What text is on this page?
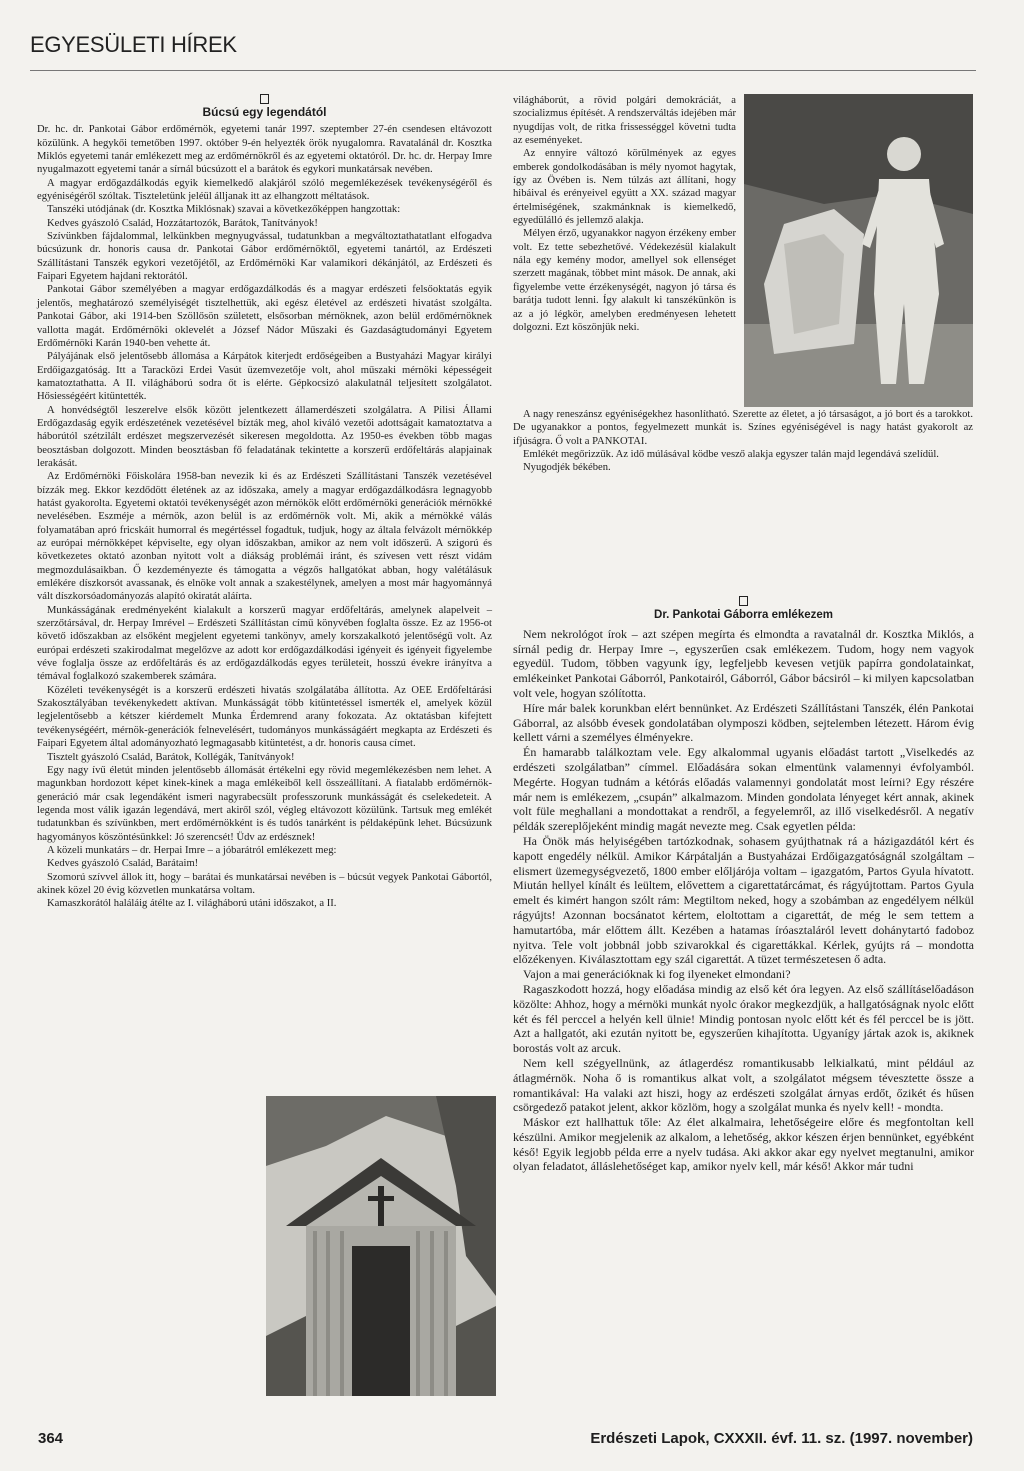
EGYESÜLETI HÍREK
Búcsú egy legendától

Dr. hc. dr. Pankotai Gábor erdőmérnök, egyetemi tanár 1997. szeptember 27-én csendesen eltávozott közülünk. A hegykői temetőben 1997. október 9-én helyezték örök nyugalomra. Ravatalánál dr. Kosztka Miklós egyetemi tanár emlékezett meg az erdőmérnökről és az egyetemi oktatóról. Dr. hc. dr. Herpay Imre nyugalmazott egyetemi tanár a sírnál búcsúzott el a barátok és egykori munkatársak nevében.

A magyar erdőgazdálkodás egyik kiemelkedő alakjáról szóló megemlékezések tevékenységéről és egyéniségéről szóltak. Tiszteletünk jeléül álljanak itt az elhangzott méltatások.

Tanszéki utódjának (dr. Kosztka Miklósnak) szavai a következőképpen hangzottak:

Kedves gyászoló Család, Hozzátartozók, Barátok, Tanítványok!

Szívünkben fájdalommal, lelkünkben megnyugvással, tudatunkban a megváltoztathatatlant elfogadva búcsúzunk dr. honoris causa dr. Pankotai Gábor erdőmérnöktől, egyetemi tanártól, az Erdészeti Szállítástani Tanszék egykori vezetőjétől, az Erdőmérnöki Kar valamikori dékánjától, az Erdészeti és Faipari Egyetem hajdani rektorától.

Pankotai Gábor személyében a magyar erdőgazdálkodás és a magyar erdészeti felsőoktatás egyik jelentős, meghatározó személyiségét tisztelhettük, aki egész életével az erdészeti hivatást szolgálta. Pankotai Gábor, aki 1914-ben Szöllősön született, elsősorban mérnöknek, azon belül erdőmérnöknek vallotta magát. Erdőmérnöki oklevelét a József Nádor Műszaki és Gazdaságtudományi Egyetem Erdőmérnöki Karán 1940-ben vehette át.

Pályájának első jelentősebb állomása a Kárpátok kiterjedt erdőségeiben a Bustyaházi Magyar királyi Erdőigazgatóság. Itt a Taracközi Erdei Vasút üzemvezetője volt, ahol műszaki mérnöki képességeit kamatoztathatta. A II. világháború sodra őt is elérte. Gépkocsizó alakulatnál teljesített szolgálatot. Hősiességéért kitüntették.

A honvédségtől leszerelve elsők között jelentkezett államerdészeti szolgálatra. A Pilisi Állami Erdőgazdaság egyik erdészetének vezetésével bízták meg, ahol kiváló vezetői adottságait kamatoztatva a háborútól szétzilált erdészet megszervezését sikeresen megoldotta. Az 1950-es években több magas beosztásban dolgozott. Minden beosztásban fő feladatának tekintette a korszerű erdőfeltárás alapjainak lerakását.

Az Erdőmérnöki Főiskolára 1958-ban nevezik ki és az Erdészeti Szállítástani Tanszék vezetésével bízzák meg. Ekkor kezdődött életének az az időszaka, amely a magyar erdőgazdálkodásra legnagyobb hatást gyakorolta. Egyetemi oktatói tevékenységét azon mérnökök előtt erdőmérnöki generációk mérnökké nevelésében. Eszméje a mérnök, azon belül is az erdőmérnök volt. Mi, akik a mérnökké válás folyamatában apró fricskáit humorral és megértéssel fogadtuk, tudjuk, hogy az általa felvázolt mérnökkép az európai mérnökképet képviselte, egy olyan időszakban, amikor az nem volt időszerű. A szigorú és következetes oktató azonban nyitott volt a diákság problémái iránt, és szívesen vett részt vidám megmozdulásaikban. Ő kezdeményezte és támogatta a végzős hallgatókat abban, hogy valétálásuk emlékére díszkorsót avassanak, és elnöke volt annak a szakestélynek, amelyen a most már hagyománnyá vált díszkorsóadományozás alapító okiratát aláírta.

Munkásságának eredményeként kialakult a korszerű magyar erdőfeltárás, amelynek alapelveit – szerzőtársával, dr. Herpay Imrével – Erdészeti Szállítástan című könyvében foglalta össze. Ez az 1956-ot követő időszakban az elsőként megjelent egyetemi tankönyv, amely korszakalkotó jelentőségű volt. Az európai erdészeti szakirodalmat megelőzve az adott kor erdőgazdálkodási igényeit és igényeit figyelembe véve foglalja össze az erdőfeltárás és az erdőgazdálkodás egyes területeit, hosszú évekre irányítva a témával foglalkozó szakemberek számára.

Közéleti tevékenységét is a korszerű erdészeti hivatás szolgálatába állította. Az OEE Erdőfeltárási Szakosztályában tevékenykedett aktívan. Munkásságát több kitüntetéssel ismerték el, amelyek közül legjelentősebb a kétszer kiérdemelt Munka Érdemrend arany fokozata. Az oktatásban kifejtett tevékenységéért, mérnök-generációk felnevelésért, tudományos munkásságáért megkapta az Erdészeti és Faipari Egyetem által adományozható legmagasabb kitüntetést, a dr. honoris causa címet.

Tisztelt gyászoló Család, Barátok, Kollégák, Tanítványok!

Egy nagy ívű életút minden jelentősebb állomását értékelni egy rövid megemlékezésben nem lehet. A magunkban hordozott képet kinek-kinek a maga emlékeiből kell összeállítani. A fiatalabb erdőmérnök-generáció már csak legendáként ismeri nagyrabecsült professzorunk munkásságát és cselekedeteit. A legenda most válik igazán legendává, mert akiről szól, végleg eltávozott közülünk. Tartsuk meg emlékét tudatunkban és szívünkben, mert erdőmérnökként is és tudós tanárként is példaképünk lehet. Búcsúzunk hagyományos köszöntésünkkel: Jó szerencsét! Üdv az erdésznek!

A közeli munkatárs – dr. Herpai Imre – a jóbarátról emlékezett meg:

Kedves gyászoló Család, Barátaim!

Szomorú szívvel állok itt, hogy – barátai és munkatársai nevében is – búcsút vegyek Pankotai Gábortól, akinek közel 20 évig közvetlen munkatársa voltam.

Kamaszkorától haláláig átélte az I. világháború utáni időszakot, a II.

világháborút, a rövid polgári demokráciát, a szocializmus építését. A rendszerváltás idejében már nyugdíjas volt, de ritka frissességgel követni tudta az eseményeket.

Az ennyire változó körülmények az egyes emberek gondolkodásában is mély nyomot hagytak, így az Övében is. Nem túlzás azt állítani, hogy hibáival és erényeivel együtt a XX. század magyar értelmiségének, szakmánknak is kiemelkedő, egyedülálló és jellemző alakja.

Mélyen érző, ugyanakkor nagyon érzékeny ember volt. Ez tette sebezhetővé. Védekezésül kialakult nála egy kemény modor, amellyel sok ellenséget szerzett magának, többet mint mások. De annak, aki figyelembe vette érzékenységét, nagyon jó társa és barátja tudott lenni. Így alakult ki tanszékünkön is az a jó légkör, amelyben eredményesen lehetett dolgozni. Ezt köszönjük neki.

A nagy reneszánsz egyéniségekhez hasonlítható. Szerette az életet, a jó társaságot, a jó bort és a tarokkot. De ugyanakkor a pontos, fegyelmezett munkát is. Színes egyéniségével is nagy hatást gyakorolt az ifjúságra. Ő volt a PANKOTAI.

Emlékét megőrizzük. Az idő múlásával ködbe vesző alakja egyszer talán majd legendává szelídül.

Nyugodjék békében.

Dr. Pankotai Gáborra emlékezem

Nem nekrológot írok – azt szépen megírta és elmondta a ravatalnál dr. Kosztka Miklós, a sírnál pedig dr. Herpay Imre –, egyszerűen csak emlékezem. Tudom, hogy nem vagyok egyedül. Tudom, többen vagyunk így, legfeljebb kevesen vetjük papírra gondolatainkat, emlékeinket Pankotai Gáborról, Pankotairól, Gáborról, Gábor bácsiról – ki milyen kapcsolatban volt vele, hogyan szólította.

Híre már balek korunkban elért bennünket. Az Erdészeti Szállítástani Tanszék, élén Pankotai Gáborral, az alsóbb évesek gondolatában olymposzi ködben, sejtelemben létezett. Három évig kellett várni a személyes élményekre.

Én hamarabb találkoztam vele. Egy alkalommal ugyanis előadást tartott „Viselkedés az erdészeti szolgálatban” címmel. Előadására sokan elmentünk valamennyi évfolyamból. Megérte. Hogyan tudnám a kétórás előadás valamennyi gondolatát most leírni? Egy részére már nem is emlékezem, „csupán” alkalmazom. Minden gondolata lényeget kért annak, akinek volt füle meghallani a mondottakat a rendről, a fegyelemről, az illő viselkedésről. A negatív példák szereplőjeként mindig magát nevezte meg. Csak egyetlen példa:

Ha Önök más helyiségében tartózkodnak, sohasem gyújthatnak rá a házigazdától kért és kapott engedély nélkül. Amikor Kárpátalján a Bustyaházai Erdőigazgatóságnál szolgáltam – elismert üzemegységvezető, 1800 ember előljárója voltam – igazgatóm, Partos Gyula hívatott. Miután hellyel kínált és leültem, elővettem a cigarettatárcámat, és rágyújtottam. Partos Gyula emelt és kimért hangon szólt rám: Megtiltom neked, hogy a szobámban az engedélyem nélkül rágyújts! Azonnan bocsánatot kértem, eloltottam a cigarettát, de még le sem tettem a hamutartóba, már előttem állt. Kezében a hatamas íróasztaláról levett dohánytartó fadoboz nyitva. Tele volt jobbnál jobb szivarokkal és cigarettákkal. Kérlek, gyújts rá – mondotta előzékenyen. Kiválasztottam egy szál cigarettát. A tüzet természetesen ő adta.

Vajon a mai generációknak ki fog ilyeneket elmondani?

Ragaszkodott hozzá, hogy előadása mindig az első két óra legyen. Az első szállításelőadáson közölte: Ahhoz, hogy a mérnöki munkát nyolc órakor megkezdjük, a hallgatóságnak nyolc előtt két és fél perccel a helyén kell ülnie! Mindig pontosan nyolc előtt két és fél perccel be is jött. Azt a hallgatót, aki ezután nyitott be, egyszerűen kihajította. Ugyanígy jártak azok is, akiknek borostás volt az arcuk.

Nem kell szégyellnünk, az átlagerdész romantikusabb lelkialkatú, mint például az átlagmérnök. Noha ő is romantikus alkat volt, a szolgálatot mégsem tévesztette össze a romantikával: Ha valaki azt hiszi, hogy az erdészeti szolgálat árnyas erdőt, őzikét és hűsen csörgedező patakot jelent, akkor közlöm, hogy a szolgálat munka és nyelv kell! - mondta.

Máskor ezt hallhattuk tőle: Az élet alkalmaira, lehetőségeire előre és megfontoltan kell készülni. Amikor megjelenik az alkalom, a lehetőség, akkor készen érjen bennünket, egyébként késő! Egyik legjobb példa erre a nyelv tudása. Aki akkor akar egy nyelvet megtanulni, amikor olyan feladatot, álláslehetőséget kap, amikor nyelv kell, már késő! Akkor már tudni

364	Erdészeti Lapok, CXXXII. évf. 11. sz. (1997. november)
